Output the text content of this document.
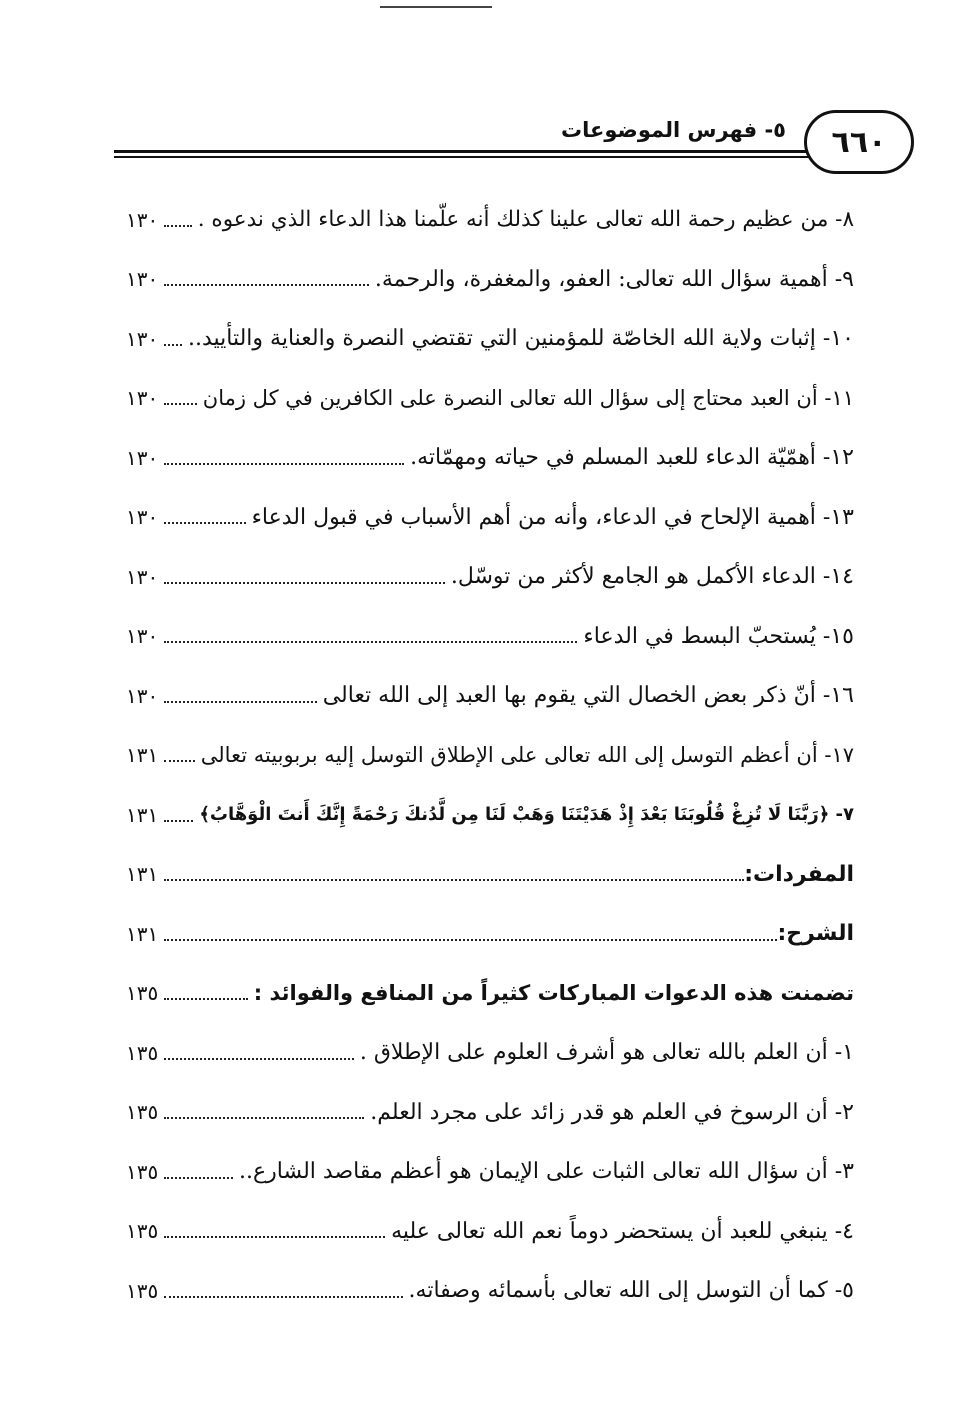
٦٦٠
٥- فهرس الموضوعات
٨- من عظيم رحمة الله تعالى علينا كذلك أنه علّمنا هذا الدعاء الذي ندعوه .
١٣٠
٩- أهمية سؤال الله تعالى: العفو، والمغفرة، والرحمة.
١٣٠
١٠- إثبات ولاية الله الخاصّة للمؤمنين التي تقتضي النصرة والعناية والتأييد..
١٣٠
١١- أن العبد محتاج إلى سؤال الله تعالى النصرة على الكافرين في كل زمان
١٣٠
١٢- أهمّيّة الدعاء للعبد المسلم في حياته ومهمّاته.
١٣٠
١٣- أهمية الإلحاح في الدعاء، وأنه من أهم الأسباب في قبول الدعاء
١٣٠
١٤- الدعاء الأكمل هو الجامع لأكثر من توسّل.
١٣٠
١٥- يُستحبّ البسط في الدعاء
١٣٠
١٦- أنّ ذكر بعض الخصال التي يقوم بها العبد إلى الله تعالى
١٣٠
١٧- أن أعظم التوسل إلى الله تعالى على الإطلاق التوسل إليه بربوبيته تعالى
١٣١
٧- ﴿رَبَّنَا لَا تُزِغْ قُلُوبَنَا بَعْدَ إِذْ هَدَيْتَنَا وَهَبْ لَنَا مِن لَّدُنكَ رَحْمَةً إِنَّكَ أَنتَ الْوَهَّابُ﴾
١٣١
المفردات:
١٣١
الشرح:
١٣١
تضمنت هذه الدعوات المباركات كثيراً من المنافع والفوائد :
١٣٥
١- أن العلم بالله تعالى هو أشرف العلوم على الإطلاق .
١٣٥
٢- أن الرسوخ في العلم هو قدر زائد على مجرد العلم.
١٣٥
٣- أن سؤال الله تعالى الثبات على الإيمان هو أعظم مقاصد الشارع..
١٣٥
٤- ينبغي للعبد أن يستحضر دوماً نعم الله تعالى عليه
١٣٥
٥- كما أن التوسل إلى الله تعالى بأسمائه وصفاته.
١٣٥
